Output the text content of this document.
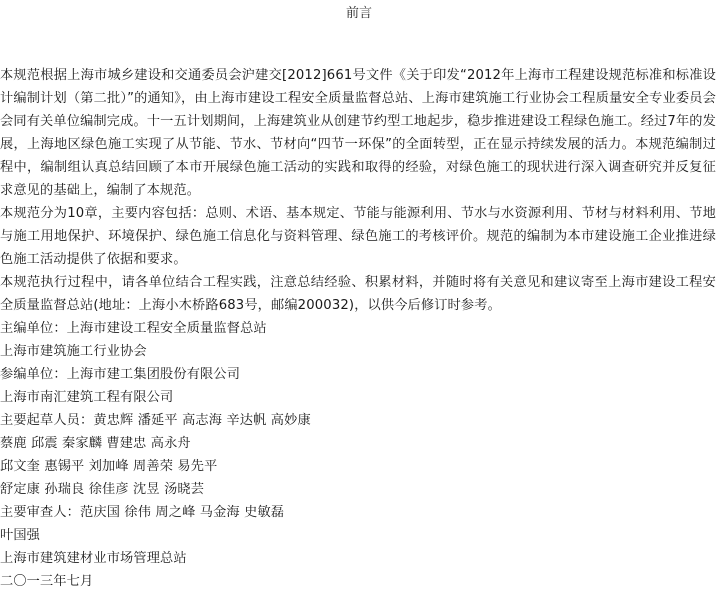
前言

本规范根据上海市城乡建设和交通委员会沪建交[2012]661号文件《关于印发“2012年上海市工程建设规范标准和标准设计编制计划（第二批）”的通知》，由上海市建设工程安全质量监督总站、上海市建筑施工行业协会工程质量安全专业委员会会同有关单位编制完成。十一五计划期间，上海建筑业从创建节约型工地起步，稳步推进建设工程绿色施工。经过7年的发展，上海地区绿色施工实现了从节能、节水、节材向“四节一环保”的全面转型，正在显示持续发展的活力。本规范编制过程中，编制组认真总结回顾了本市开展绿色施工活动的实践和取得的经验，对绿色施工的现状进行深入调查研究并反复征求意见的基础上，编制了本规范。

本规范分为10章，主要内容包括：总则、术语、基本规定、节能与能源利用、节水与水资源利用、节材与材料利用、节地与施工用地保护、环境保护、绿色施工信息化与资料管理、绿色施工的考核评价。规范的编制为本市建设施工企业推进绿色施工活动提供了依据和要求。

本规范执行过程中，请各单位结合工程实践，注意总结经验、积累材料，并随时将有关意见和建议寄至上海市建设工程安全质量监督总站(地址：上海小木桥路683号，邮编200032)，以供今后修订时参考。

主编单位：上海市建设工程安全质量监督总站
上海市建筑施工行业协会
参编单位：上海市建工集团股份有限公司
上海市南汇建筑工程有限公司
主要起草人员：黄忠辉 潘延平 高志海 辛达帆 高妙康
蔡鹿 邱震 秦家麟 曹建忠 高永舟
邱文奎 惠锡平 刘加峰 周善荣 易先平
舒定康 孙瑞良 徐佳彦 沈昱 汤晓芸
主要审查人：范庆国 徐伟 周之峰 马金海 史敏磊
叶国强
上海市建筑建材业市场管理总站
二〇一三年七月
